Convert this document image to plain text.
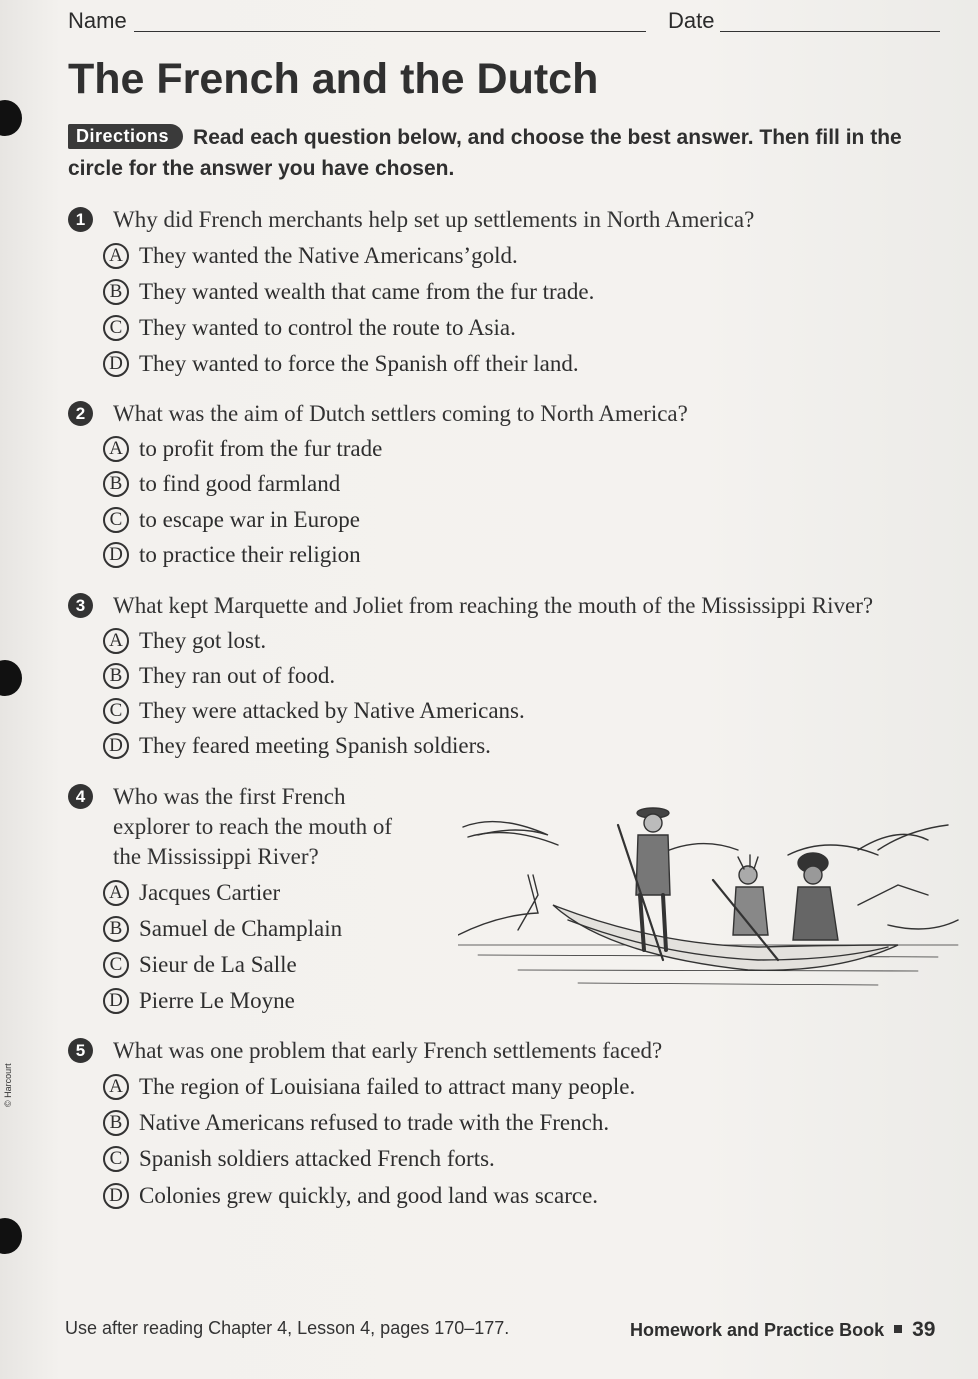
Name	Date
The French and the Dutch
Directions Read each question below, and choose the best answer. Then fill in the circle for the answer you have chosen.
1	Why did French merchants help set up settlements in North America?
A They wanted the Native Americans’gold.
B They wanted wealth that came from the fur trade.
C They wanted to control the route to Asia.
D They wanted to force the Spanish off their land.
2	What was the aim of Dutch settlers coming to North America?
A to profit from the fur trade
B to find good farmland
C to escape war in Europe
D to practice their religion
3	What kept Marquette and Joliet from reaching the mouth of the Mississippi River?
A They got lost.
B They ran out of food.
C They were attacked by Native Americans.
D They feared meeting Spanish soldiers.
4	Who was the first French
explorer to reach the mouth of
the Mississippi River?
A Jacques Cartier
B Samuel de Champlain
C Sieur de La Salle
D Pierre Le Moyne
5	What was one problem that early French settlements faced?
A The region of Louisiana failed to attract many people.
B Native Americans refused to trade with the French.
C Spanish soldiers attacked French forts.
D Colonies grew quickly, and good land was scarce.
© Harcourt
Use after reading Chapter 4, Lesson 4, pages 170–177.	Homework and Practice Book 39
